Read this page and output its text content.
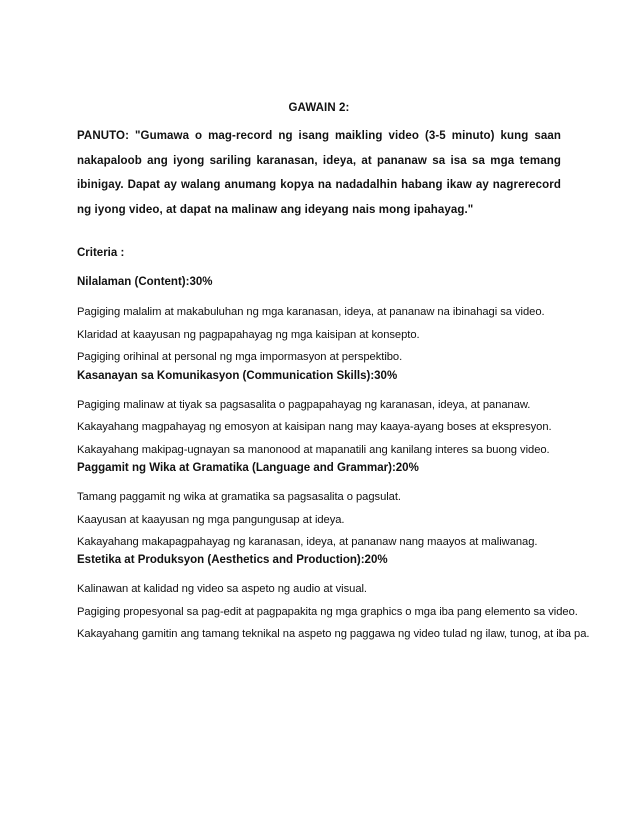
GAWAIN 2:
PANUTO: "Gumawa o mag-record ng isang maikling video (3-5 minuto) kung saan nakapaloob ang iyong sariling karanasan, ideya, at pananaw sa isa sa mga temang ibinigay. Dapat ay walang anumang kopya na nadadalhin habang ikaw ay nagrerecord ng iyong video, at dapat na malinaw ang ideyang nais mong ipahayag."
Criteria :
Nilalaman (Content):30%
Pagiging malalim at makabuluhan ng mga karanasan, ideya, at pananaw na ibinahagi sa video.
Klaridad at kaayusan ng pagpapahayag ng mga kaisipan at konsepto.
Pagiging orihinal at personal ng mga impormasyon at perspektibo.
Kasanayan sa Komunikasyon (Communication Skills):30%
Pagiging malinaw at tiyak sa pagsasalita o pagpapahayag ng karanasan, ideya, at pananaw.
Kakayahang magpahayag ng emosyon at kaisipan nang may kaaya-ayang boses at ekspresyon.
Kakayahang makipag-ugnayan sa manonood at mapanatili ang kanilang interes sa buong video.
Paggamit ng Wika at Gramatika (Language and Grammar):20%
Tamang paggamit ng wika at gramatika sa pagsasalita o pagsulat.
Kaayusan at kaayusan ng mga pangungusap at ideya.
Kakayahang makapagpahayag ng karanasan, ideya, at pananaw nang maayos at maliwanag.
Estetika at Produksyon (Aesthetics and Production):20%
Kalinawan at kalidad ng video sa aspeto ng audio at visual.
Pagiging propesyonal sa pag-edit at pagpapakita ng mga graphics o mga iba pang elemento sa video.
Kakayahang gamitin ang tamang teknikal na aspeto ng paggawa ng video tulad ng ilaw, tunog, at iba pa.
